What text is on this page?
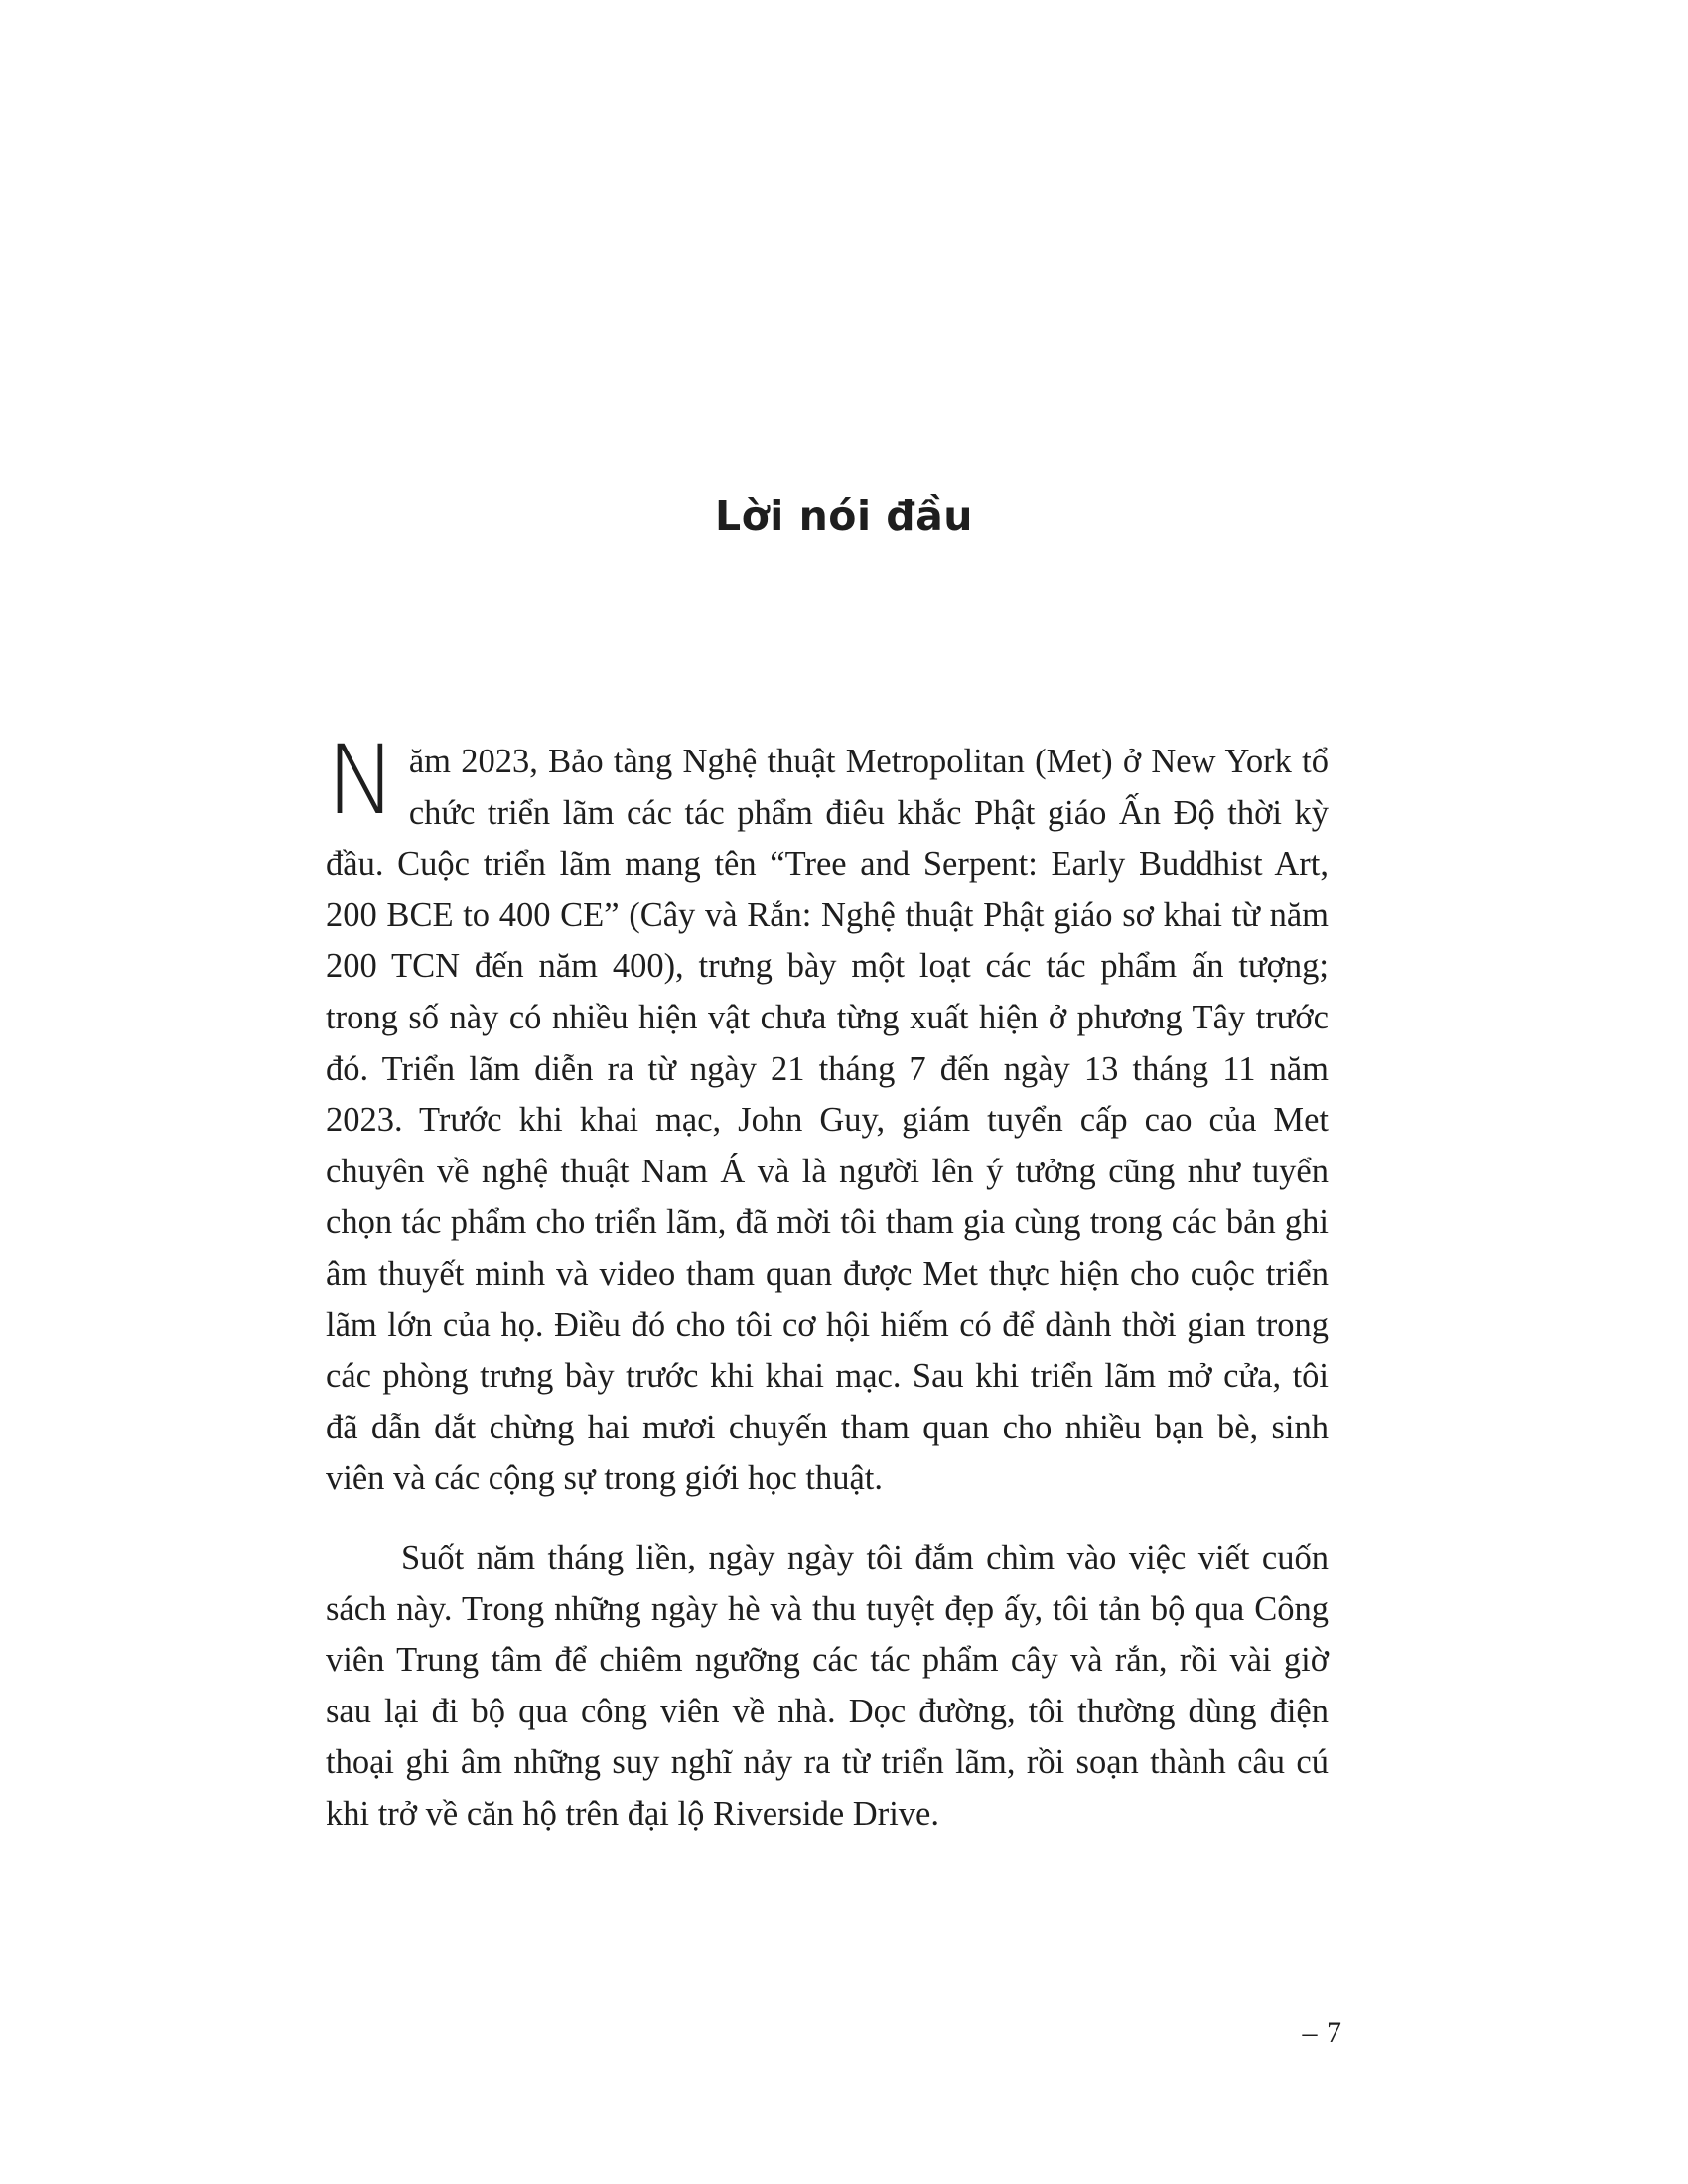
Lời nói đầu

Năm 2023, Bảo tàng Nghệ thuật Metropolitan (Met) ở New York tổ chức triển lãm các tác phẩm điêu khắc Phật giáo Ấn Độ thời kỳ đầu. Cuộc triển lãm mang tên “Tree and Serpent: Early Buddhist Art, 200 BCE to 400 CE” (Cây và Rắn: Nghệ thuật Phật giáo sơ khai từ năm 200 TCN đến năm 400), trưng bày một loạt các tác phẩm ấn tượng; trong số này có nhiều hiện vật chưa từng xuất hiện ở phương Tây trước đó. Triển lãm diễn ra từ ngày 21 tháng 7 đến ngày 13 tháng 11 năm 2023. Trước khi khai mạc, John Guy, giám tuyển cấp cao của Met chuyên về nghệ thuật Nam Á và là người lên ý tưởng cũng như tuyển chọn tác phẩm cho triển lãm, đã mời tôi tham gia cùng trong các bản ghi âm thuyết minh và video tham quan được Met thực hiện cho cuộc triển lãm lớn của họ. Điều đó cho tôi cơ hội hiếm có để dành thời gian trong các phòng trưng bày trước khi khai mạc. Sau khi triển lãm mở cửa, tôi đã dẫn dắt chừng hai mươi chuyến tham quan cho nhiều bạn bè, sinh viên và các cộng sự trong giới học thuật.

Suốt năm tháng liền, ngày ngày tôi đắm chìm vào việc viết cuốn sách này. Trong những ngày hè và thu tuyệt đẹp ấy, tôi tản bộ qua Công viên Trung tâm để chiêm ngưỡng các tác phẩm cây và rắn, rồi vài giờ sau lại đi bộ qua công viên về nhà. Dọc đường, tôi thường dùng điện thoại ghi âm những suy nghĩ nảy ra từ triển lãm, rồi soạn thành câu cú khi trở về căn hộ trên đại lộ Riverside Drive.

– 7
